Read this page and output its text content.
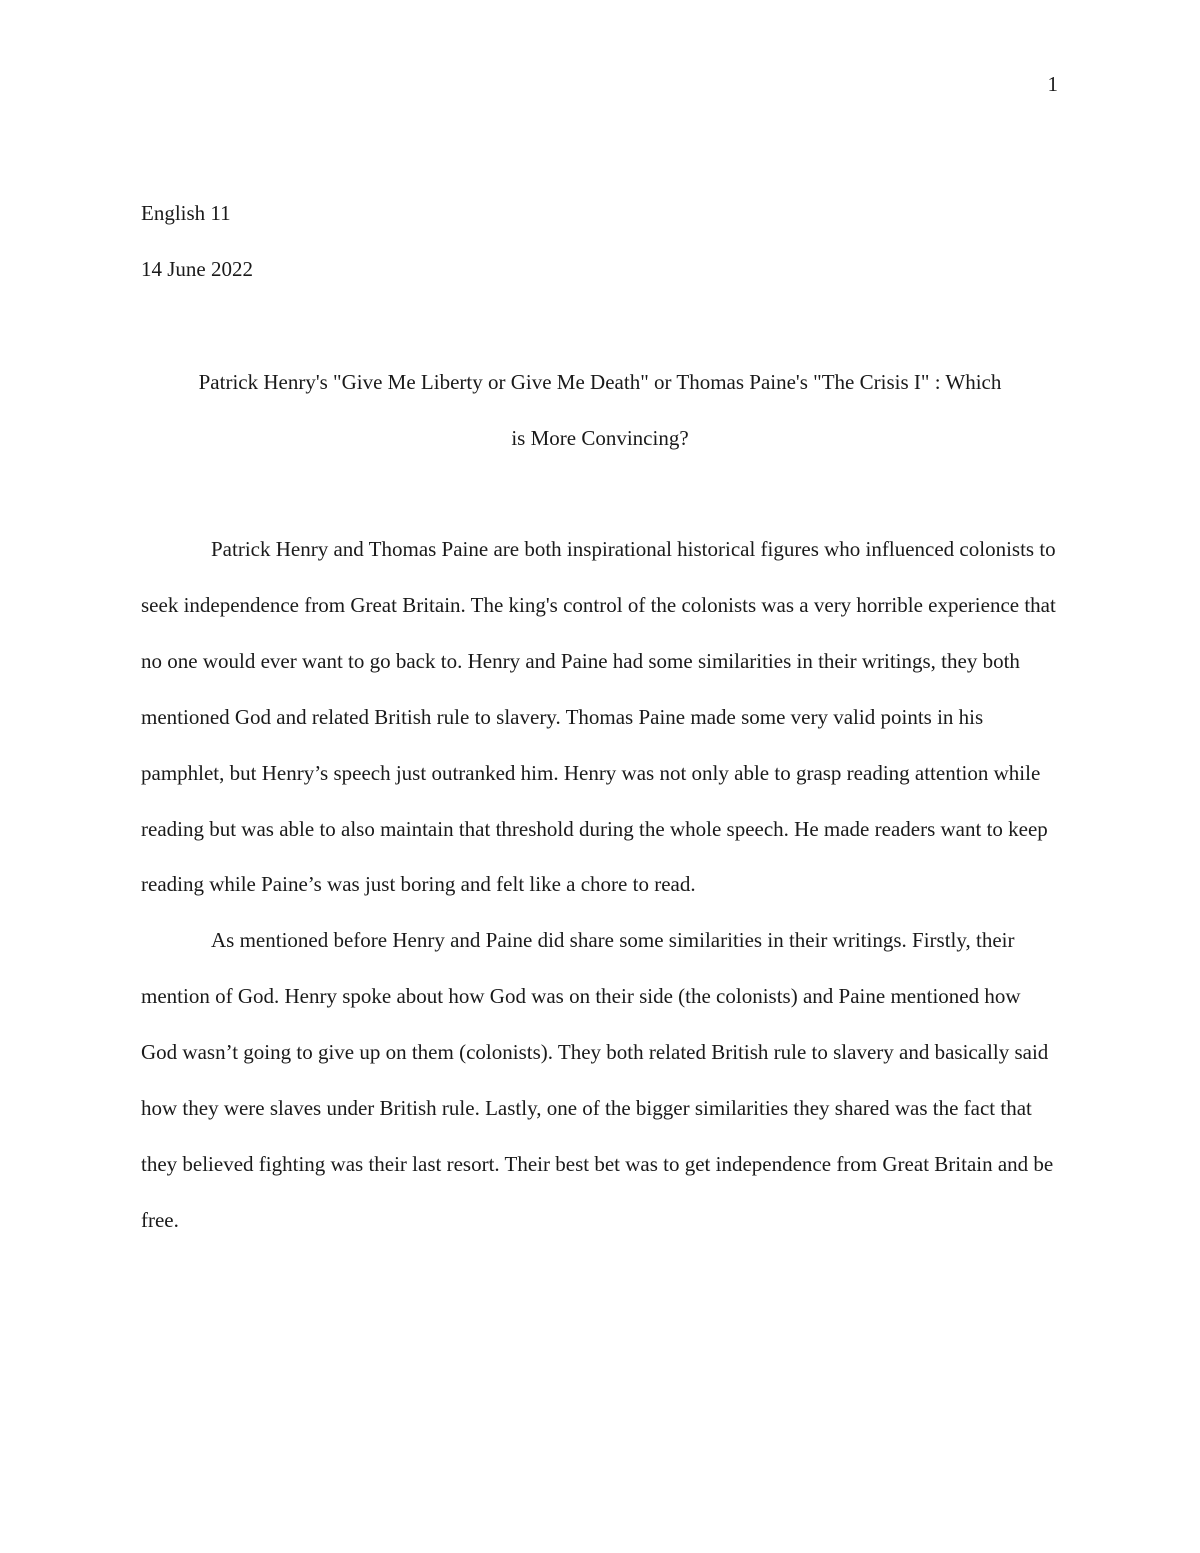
1
English 11
14 June 2022
Patrick Henry's "Give Me Liberty or Give Me Death" or Thomas Paine's "The Crisis I" : Which
is More Convincing?

Patrick Henry and Thomas Paine are both inspirational historical figures who influenced colonists to seek independence from Great Britain. The king's control of the colonists was a very horrible experience that no one would ever want to go back to. Henry and Paine had some similarities in their writings, they both mentioned God and related British rule to slavery. Thomas Paine made some very valid points in his pamphlet, but Henry’s speech just outranked him. Henry was not only able to grasp reading attention while reading but was able to also maintain that threshold during the whole speech. He made readers want to keep reading while Paine’s was just boring and felt like a chore to read.

As mentioned before Henry and Paine did share some similarities in their writings. Firstly, their mention of God. Henry spoke about how God was on their side (the colonists) and Paine mentioned how God wasn’t going to give up on them (colonists). They both related British rule to slavery and basically said how they were slaves under British rule. Lastly, one of the bigger similarities they shared was the fact that they believed fighting was their last resort. Their best bet was to get independence from Great Britain and be free.
